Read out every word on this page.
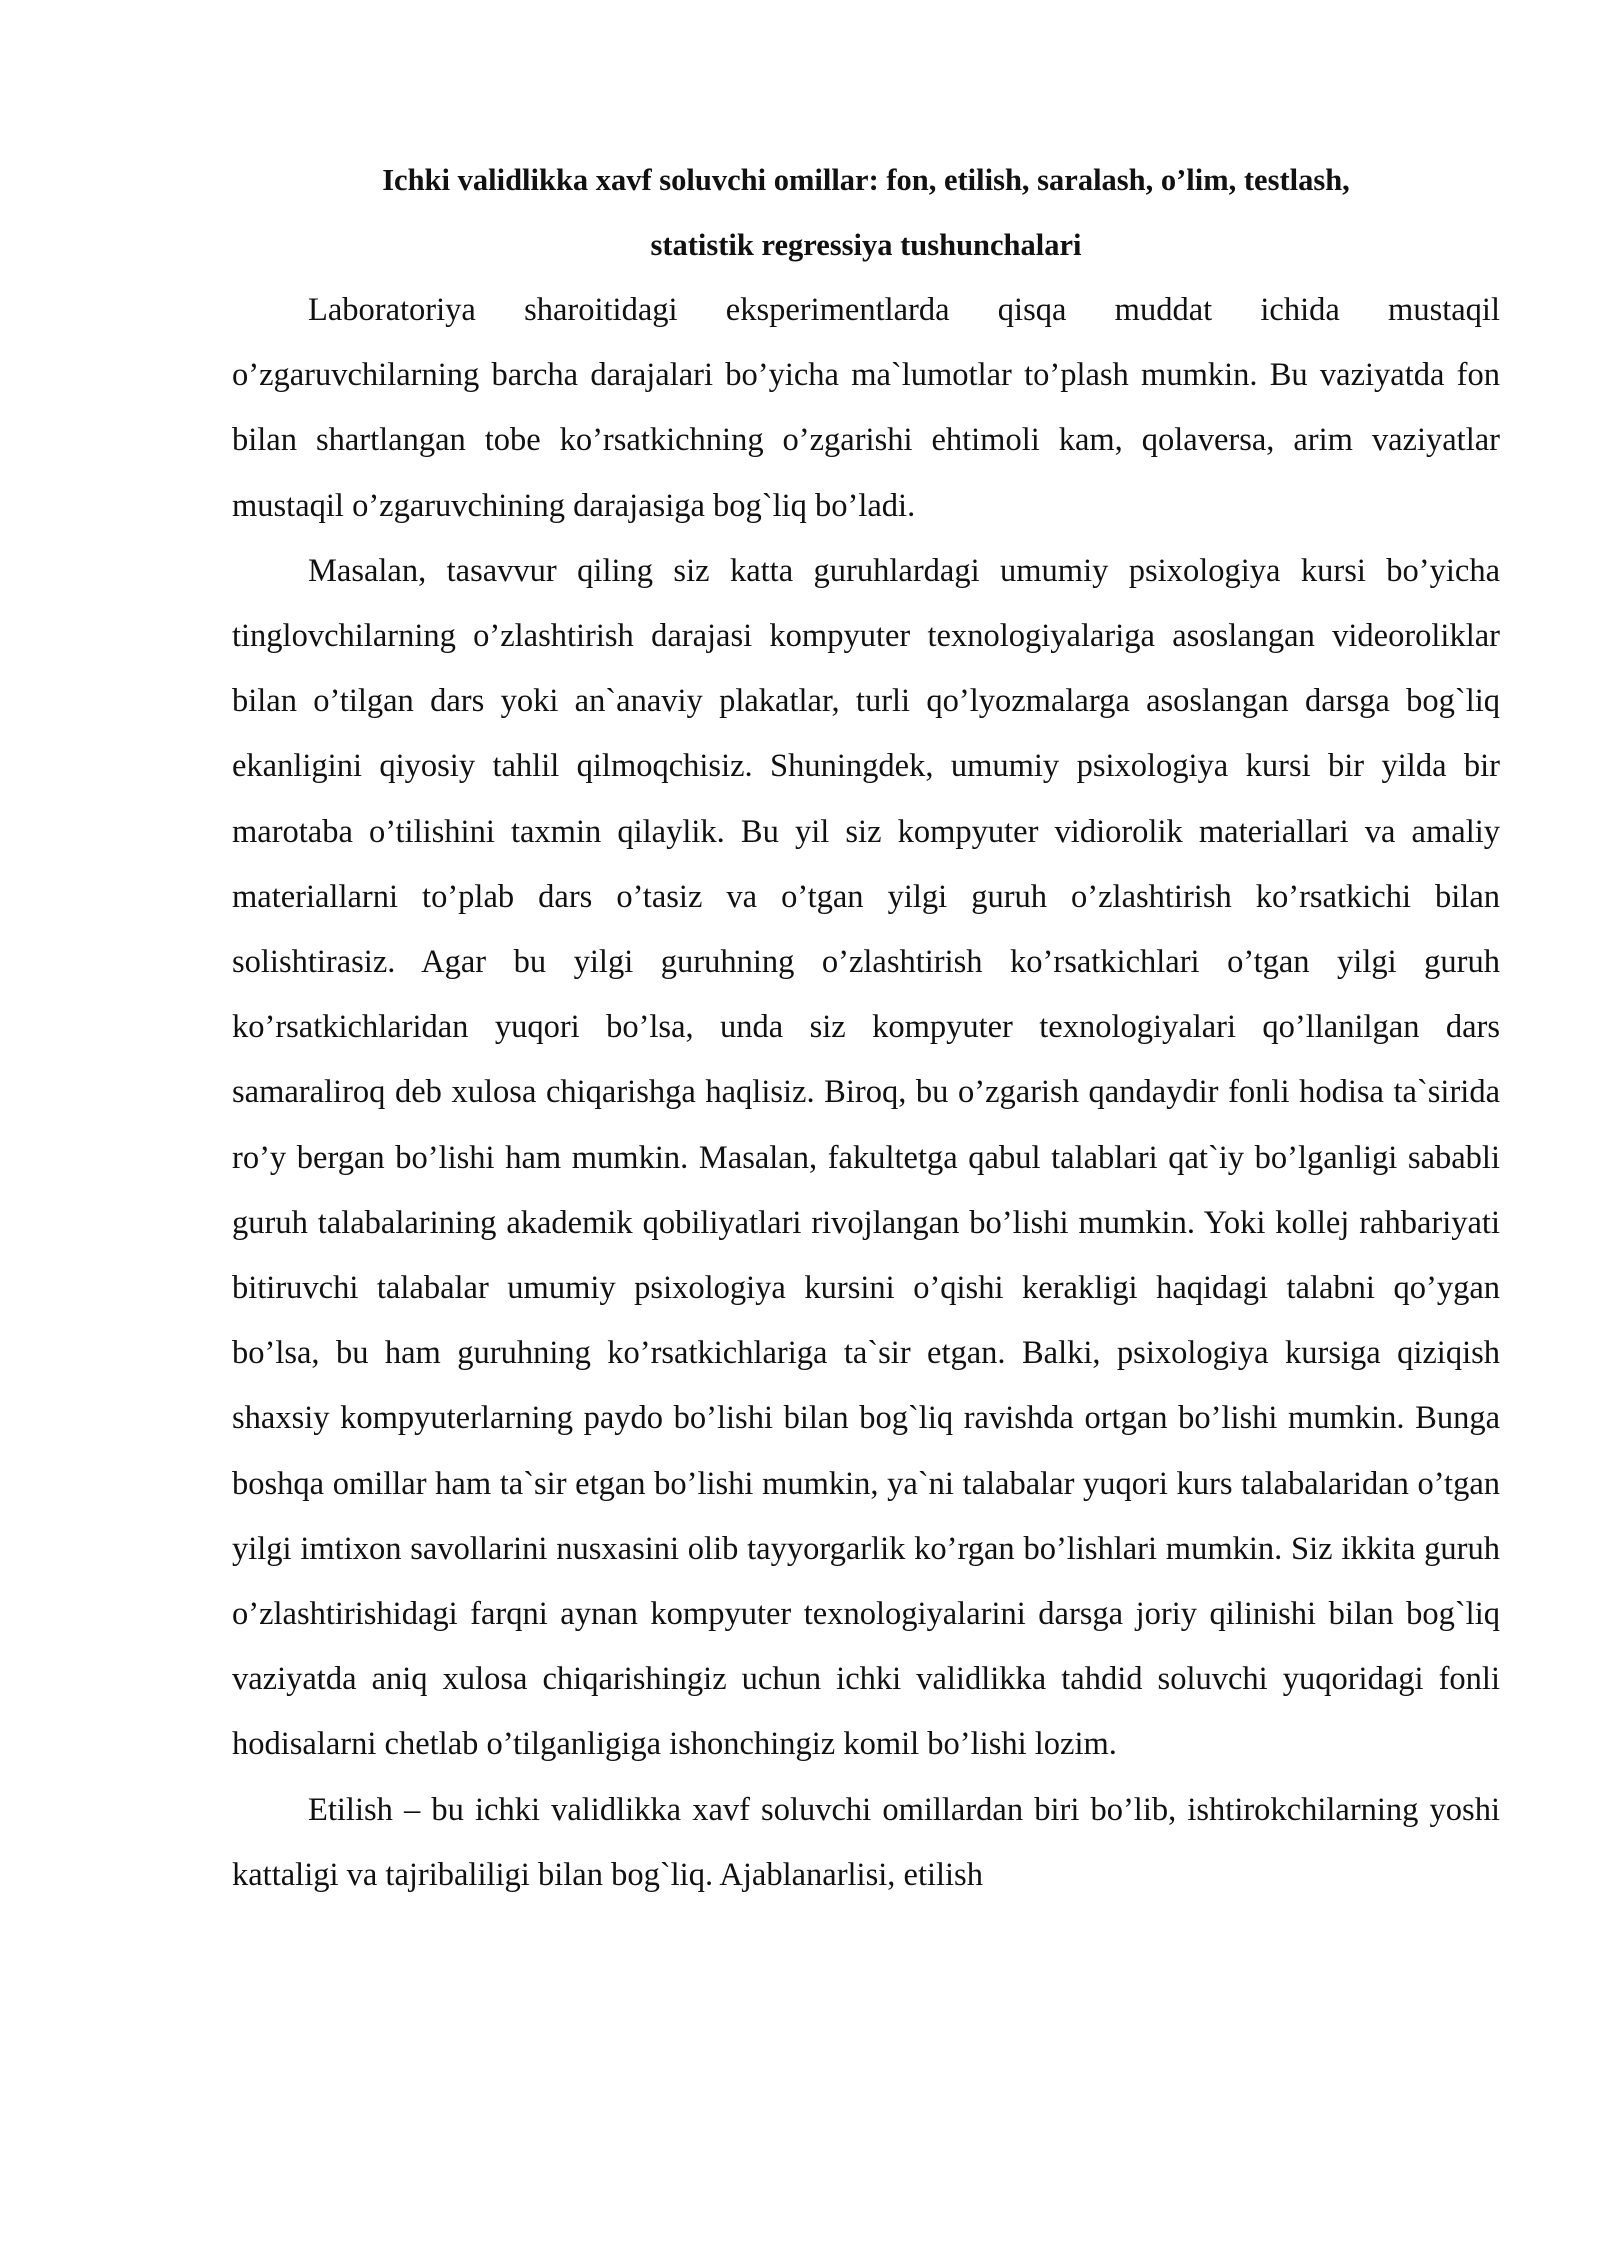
Ichki validlikka xavf soluvchi omillar: fon, etilish, saralash, o’lim, testlash,
statistik regressiya tushunchalari

Laboratoriya sharoitidagi eksperimentlarda qisqa muddat ichida mustaqil o’zgaruvchilarning barcha darajalari bo’yicha ma`lumotlar to’plash mumkin. Bu vaziyatda fon bilan shartlangan tobe ko’rsatkichning o’zgarishi ehtimoli kam, qolaversa, arim vaziyatlar mustaqil o’zgaruvchining darajasiga bog`liq bo’ladi.

Masalan, tasavvur qiling siz katta guruhlardagi umumiy psixologiya kursi bo’yicha tinglovchilarning o’zlashtirish darajasi kompyuter texnologiyalariga asoslangan videoroliklar bilan o’tilgan dars yoki an`anaviy plakatlar, turli qo’lyozmalarga asoslangan darsga bog`liq ekanligini qiyosiy tahlil qilmoqchisiz. Shuningdek, umumiy psixologiya kursi bir yilda bir marotaba o’tilishini taxmin qilaylik. Bu yil siz kompyuter vidiorolik materiallari va amaliy materiallarni to’plab dars o’tasiz va o’tgan yilgi guruh o’zlashtirish ko’rsatkichi bilan solishtirasiz. Agar bu yilgi guruhning o’zlashtirish ko’rsatkichlari o’tgan yilgi guruh ko’rsatkichlaridan yuqori bo’lsa, unda siz kompyuter texnologiyalari qo’llanilgan dars samaraliroq deb xulosa chiqarishga haqlisiz. Biroq, bu o’zgarish qandaydir fonli hodisa ta`sirida ro’y bergan bo’lishi ham mumkin. Masalan, fakultetga qabul talablari qat`iy bo’lganligi sababli guruh talabalarining akademik qobiliyatlari rivojlangan bo’lishi mumkin. Yoki kollej rahbariyati bitiruvchi talabalar umumiy psixologiya kursini o’qishi kerakligi haqidagi talabni qo’ygan bo’lsa, bu ham guruhning ko’rsatkichlariga ta`sir etgan. Balki, psixologiya kursiga qiziqish shaxsiy kompyuterlarning paydo bo’lishi bilan bog`liq ravishda ortgan bo’lishi mumkin. Bunga boshqa omillar ham ta`sir etgan bo’lishi mumkin, ya`ni talabalar yuqori kurs talabalaridan o’tgan yilgi imtixon savollarini nusxasini olib tayyorgarlik ko’rgan bo’lishlari mumkin. Siz ikkita guruh o’zlashtirishidagi farqni aynan kompyuter texnologiyalarini darsga joriy qilinishi bilan bog`liq vaziyatda aniq xulosa chiqarishingiz uchun ichki validlikka tahdid soluvchi yuqoridagi fonli hodisalarni chetlab o’tilganligiga ishonchingiz komil bo’lishi lozim.

Etilish – bu ichki validlikka xavf soluvchi omillardan biri bo’lib, ishtirokchilarning yoshi kattaligi va tajribaliligi bilan bog`liq. Ajablanarlisi, etilish
